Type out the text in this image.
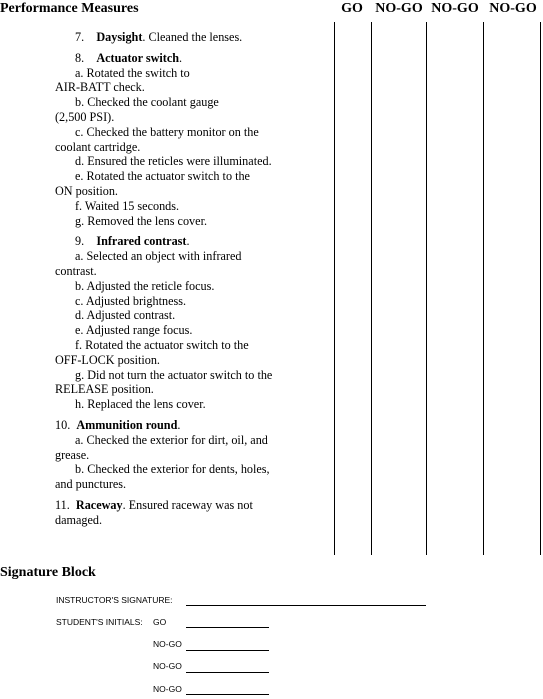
Performance Measures	GO NO-GO NO-GO NO-GO
7. Daysight. Cleaned the lenses.
8. Actuator switch.
a. Rotated the switch to
AIR-BATT check.
b. Checked the coolant gauge
(2,500 PSI).
c. Checked the battery monitor on the
coolant cartridge.
d. Ensured the reticles were illuminated.
e. Rotated the actuator switch to the
ON position.
f. Waited 15 seconds.
g. Removed the lens cover.
9. Infrared contrast.
a. Selected an object with infrared
contrast.
b. Adjusted the reticle focus.
c. Adjusted brightness.
d. Adjusted contrast.
e. Adjusted range focus.
f. Rotated the actuator switch to the
OFF-LOCK position.
g. Did not turn the actuator switch to the
RELEASE position.
h. Replaced the lens cover.
10. Ammunition round.
a. Checked the exterior for dirt, oil, and
grease.
b. Checked the exterior for dents, holes,
and punctures.
11. Raceway. Ensured raceway was not
damaged.
Signature Block
INSTRUCTOR'S SIGNATURE:
STUDENT'S INITIALS: GO
NO-GO
NO-GO
NO-GO
